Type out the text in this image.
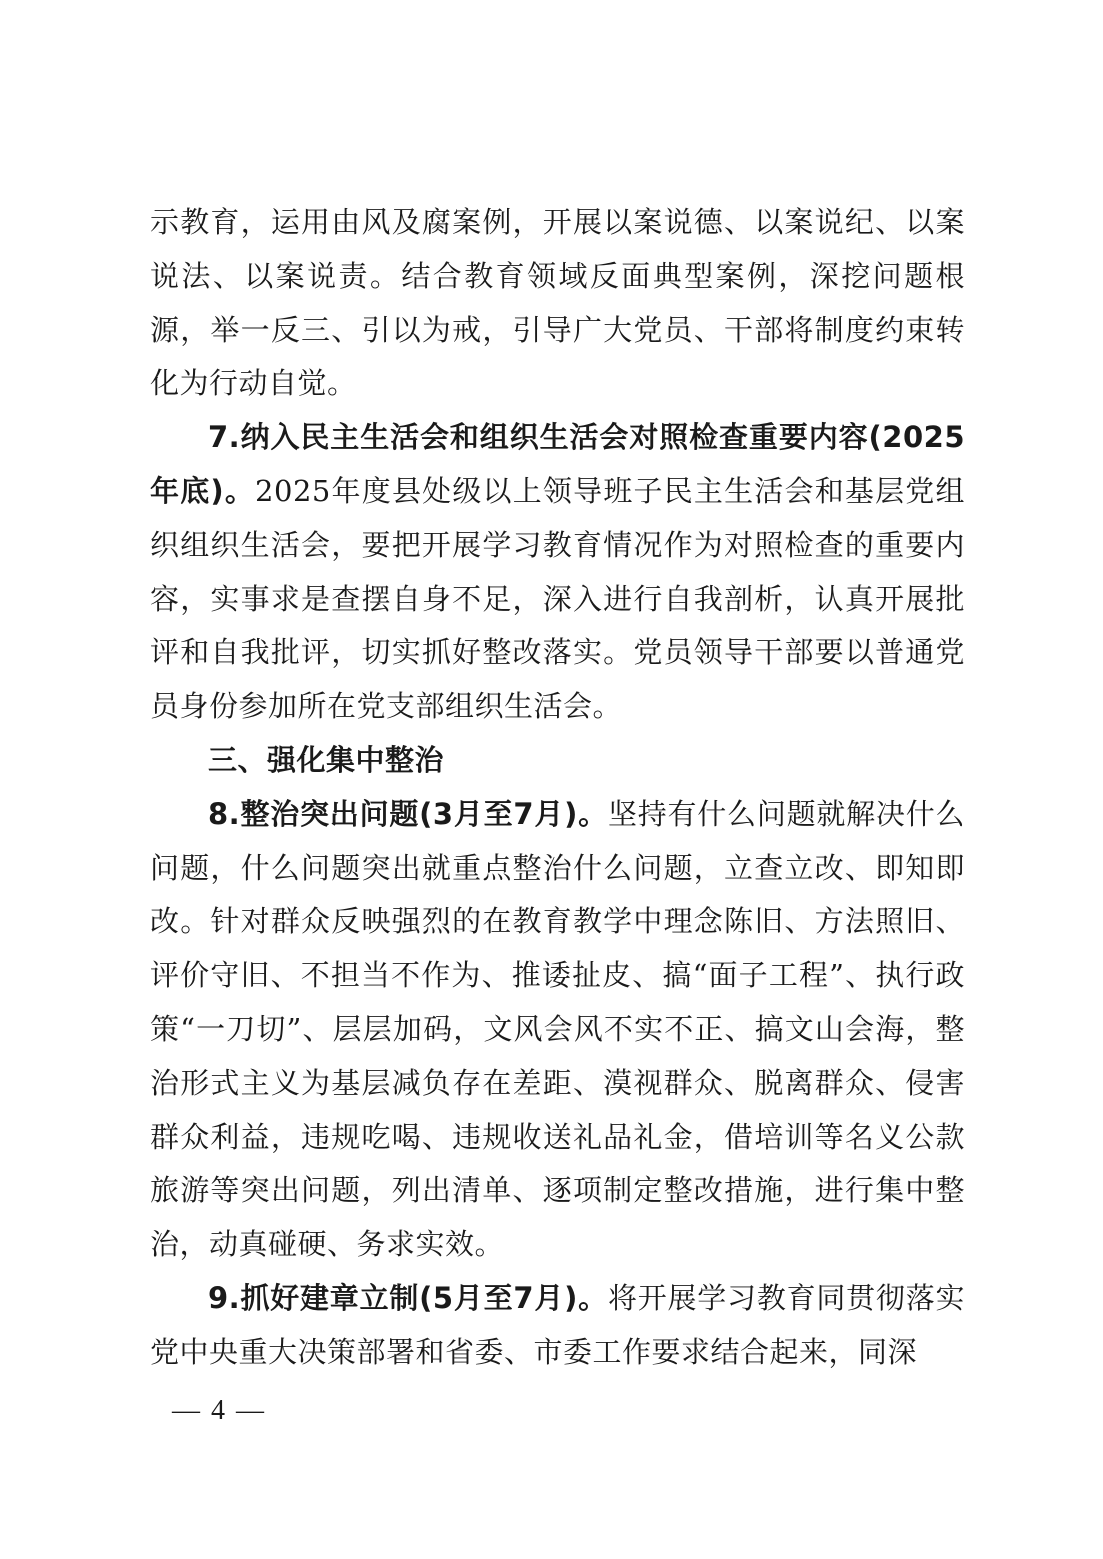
示教育，运用由风及腐案例，开展以案说德、以案说纪、以案说法、以案说责。结合教育领域反面典型案例，深挖问题根源，举一反三、引以为戒，引导广大党员、干部将制度约束转化为行动自觉。

7.纳入民主生活会和组织生活会对照检查重要内容(2025年底)。2025年度县处级以上领导班子民主生活会和基层党组织组织生活会，要把开展学习教育情况作为对照检查的重要内容，实事求是查摆自身不足，深入进行自我剖析，认真开展批评和自我批评，切实抓好整改落实。党员领导干部要以普通党员身份参加所在党支部组织生活会。

三、强化集中整治

8.整治突出问题(3月至7月)。坚持有什么问题就解决什么问题，什么问题突出就重点整治什么问题，立查立改、即知即改。针对群众反映强烈的在教育教学中理念陈旧、方法照旧、评价守旧、不担当不作为、推诿扯皮、搞“面子工程”、执行政策“一刀切”、层层加码，文风会风不实不正、搞文山会海，整治形式主义为基层减负存在差距、漠视群众、脱离群众、侵害群众利益，违规吃喝、违规收送礼品礼金，借培训等名义公款旅游等突出问题，列出清单、逐项制定整改措施，进行集中整治，动真碰硬、务求实效。

9.抓好建章立制(5月至7月)。将开展学习教育同贯彻落实党中央重大决策部署和省委、市委工作要求结合起来，同深

— 4 —
